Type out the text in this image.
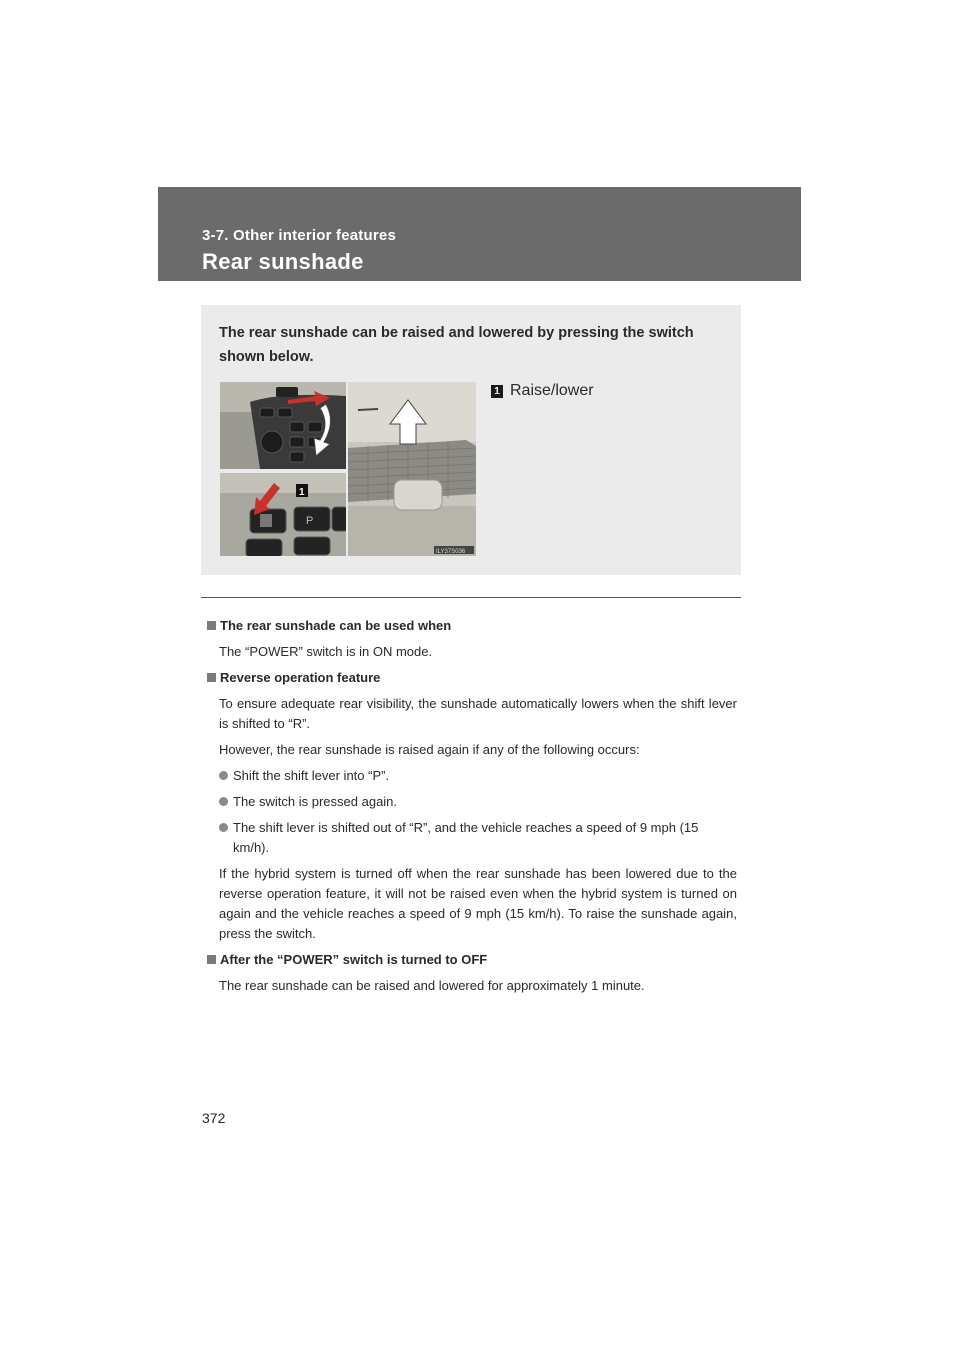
3-7. Other interior features
Rear sunshade
The rear sunshade can be raised and lowered by pressing the switch shown below.
P
1
ILY37S036
1 Raise/lower

The rear sunshade can be used when

The “POWER” switch is in ON mode.

Reverse operation feature

To ensure adequate rear visibility, the sunshade automatically lowers when the shift lever is shifted to “R”.

However, the rear sunshade is raised again if any of the following occurs:

Shift the shift lever into “P”.

The switch is pressed again.

The shift lever is shifted out of “R”, and the vehicle reaches a speed of 9 mph (15 km/h).

If the hybrid system is turned off when the rear sunshade has been lowered due to the reverse operation feature, it will not be raised even when the hybrid system is turned on again and the vehicle reaches a speed of 9 mph (15 km/h). To raise the sunshade again, press the switch.

After the “POWER” switch is turned to OFF

The rear sunshade can be raised and lowered for approximately 1 minute.

372
